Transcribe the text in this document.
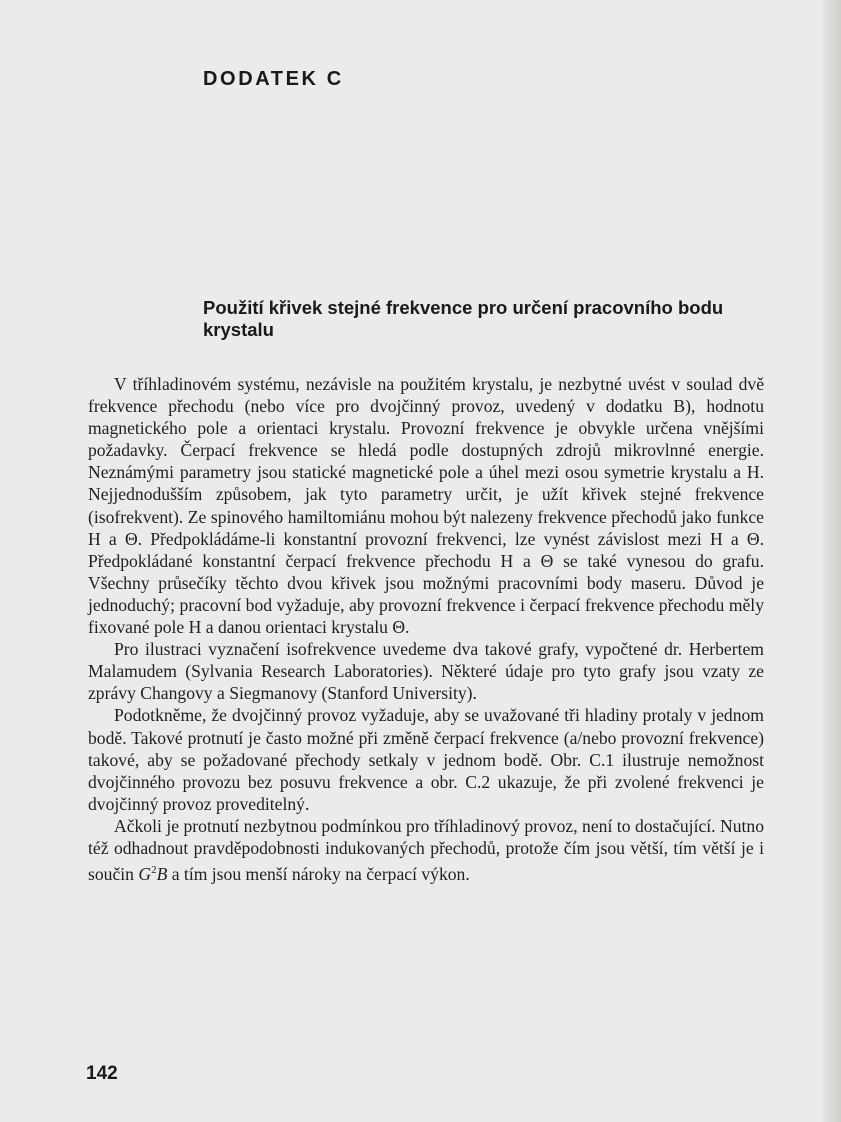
DODATEK C
Použití křivek stejné frekvence pro určení pracovního bodu krystalu

V tříhladinovém systému, nezávisle na použitém krystalu, je nezbytné uvést v soulad dvě frekvence přechodu (nebo více pro dvojčinný provoz, uvedený v dodatku B), hodnotu magnetického pole a orientaci krystalu. Provozní frekvence je obvykle určena vnějšími požadavky. Čerpací frekvence se hledá podle dostupných zdrojů mikrovlnné energie. Neznámými parametry jsou statické magnetické pole a úhel mezi osou symetrie krystalu a H. Nejjednodušším způsobem, jak tyto parametry určit, je užít křivek stejné frekvence (isofrekvent). Ze spinového hamiltomiánu mohou být nalezeny frekvence přechodů jako funkce H a Θ. Předpokládáme-li konstantní provozní frekvenci, lze vynést závislost mezi H a Θ. Předpokládané konstantní čerpací frekvence přechodu H a Θ se také vynesou do grafu. Všechny průsečíky těchto dvou křivek jsou možnými pracovními body maseru. Důvod je jednoduchý; pracovní bod vyžaduje, aby provozní frekvence i čerpací frekvence přechodu měly fixované pole H a danou orientaci krystalu Θ.

Pro ilustraci vyznačení isofrekvence uvedeme dva takové grafy, vypočtené dr. Herbertem Malamudem (Sylvania Research Laboratories). Některé údaje pro tyto grafy jsou vzaty ze zprávy Changovy a Siegmanovy (Stanford University).

Podotkněme, že dvojčinný provoz vyžaduje, aby se uvažované tři hladiny protaly v jednom bodě. Takové protnutí je často možné při změně čerpací frekvence (a/nebo provozní frekvence) takové, aby se požadované přechody setkaly v jednom bodě. Obr. C.1 ilustruje nemožnost dvojčinného provozu bez posuvu frekvence a obr. C.2 ukazuje, že při zvolené frekvenci je dvojčinný provoz proveditelný.

Ačkoli je protnutí nezbytnou podmínkou pro tříhladinový provoz, není to dostačující. Nutno též odhadnout pravděpodobnosti indukovaných přechodů, protože čím jsou větší, tím větší je i součin $G^2B$ a tím jsou menší nároky na čerpací výkon.

142
